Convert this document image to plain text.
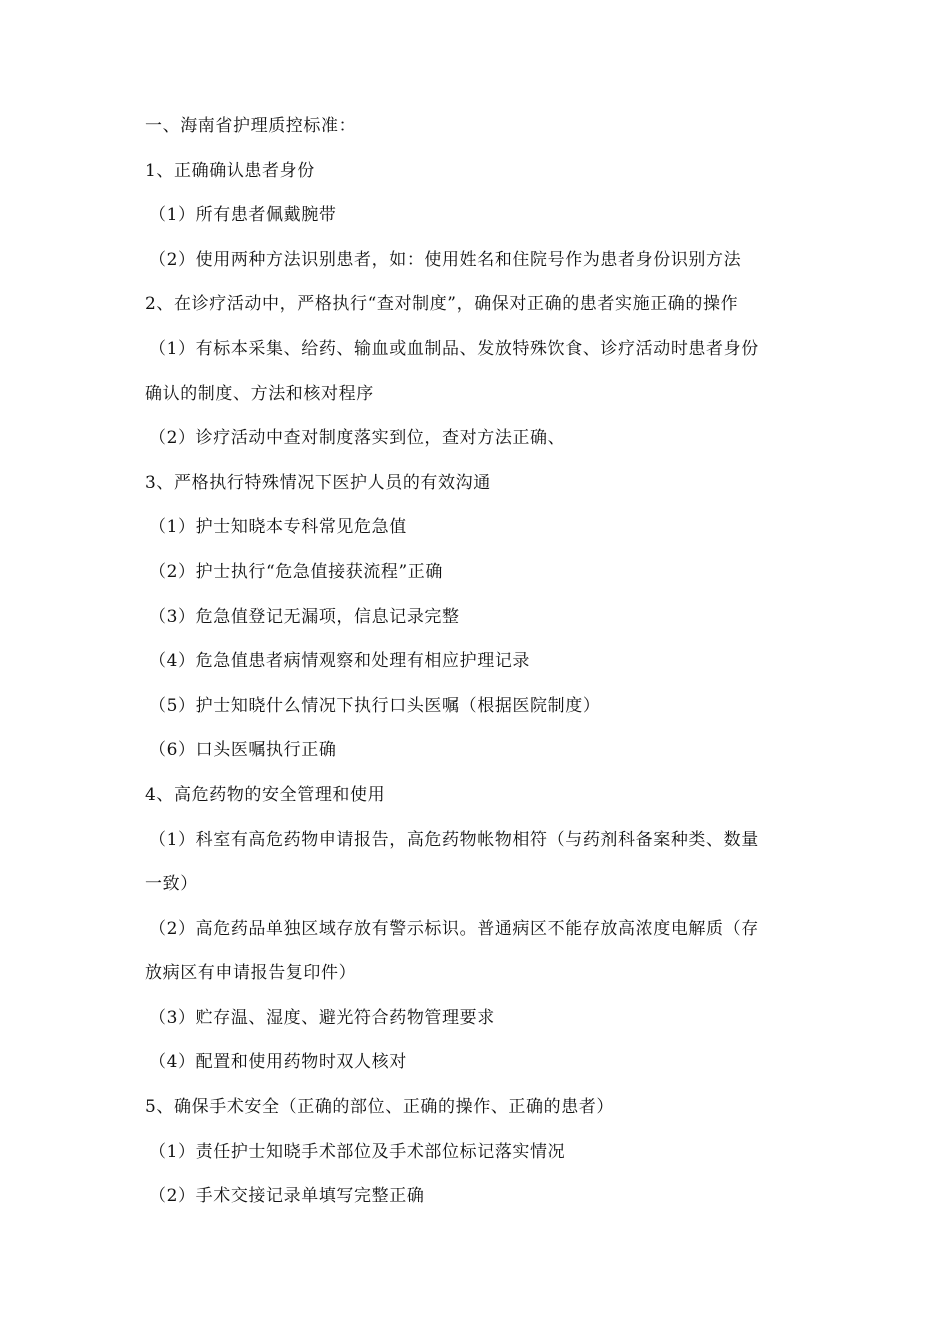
一、海南省护理质控标准：
1、正确确认患者身份
（1）所有患者佩戴腕带
（2）使用两种方法识别患者，如：使用姓名和住院号作为患者身份识别方法
2、在诊疗活动中，严格执行“查对制度”，确保对正确的患者实施正确的操作
（1）有标本采集、给药、输血或血制品、发放特殊饮食、诊疗活动时患者身份
确认的制度、方法和核对程序
（2）诊疗活动中查对制度落实到位，查对方法正确、
3、严格执行特殊情况下医护人员的有效沟通
（1）护士知晓本专科常见危急值
（2）护士执行“危急值接获流程”正确
（3）危急值登记无漏项，信息记录完整
（4）危急值患者病情观察和处理有相应护理记录
（5）护士知晓什么情况下执行口头医嘱（根据医院制度）
（6）口头医嘱执行正确
4、高危药物的安全管理和使用
（1）科室有高危药物申请报告，高危药物帐物相符（与药剂科备案种类、数量
一致）
（2）高危药品单独区域存放有警示标识。普通病区不能存放高浓度电解质（存
放病区有申请报告复印件）
（3）贮存温、湿度、避光符合药物管理要求
（4）配置和使用药物时双人核对
5、确保手术安全（正确的部位、正确的操作、正确的患者）
（1）责任护士知晓手术部位及手术部位标记落实情况
（2）手术交接记录单填写完整正确
